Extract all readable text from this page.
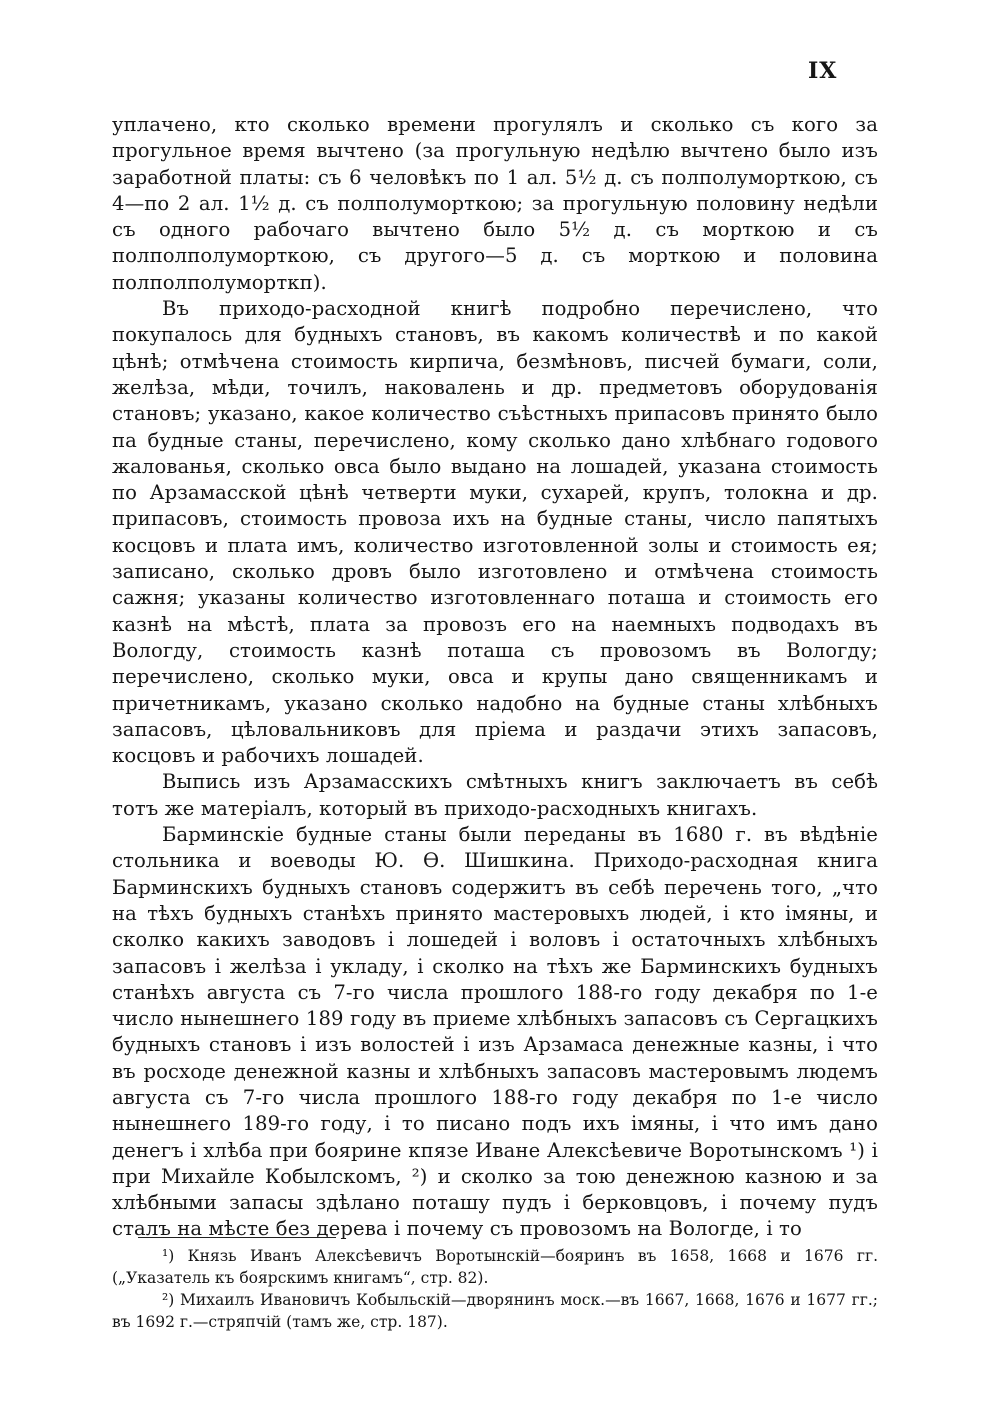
IX

уплачено, кто сколько времени прогулялъ и сколько съ кого за прогульное время вычтено (за прогульную недѣлю вычтено было изъ заработной платы: съ 6 человѣкъ по 1 ал. 5½ д. съ полполуморткою, съ 4—по 2 ал. 1½ д. съ полполуморткою; за прогульную половину недѣли съ одного рабочаго вычтено было 5½ д. съ морткою и съ полполполуморткою, съ другого—5 д. съ морткою и половина полполполуморткп).

Въ приходо-расходной книгѣ подробно перечислено, что покупалось для будныхъ становъ, въ какомъ количествѣ и по какой цѣнѣ; отмѣчена стоимость кирпича, безмѣновъ, писчей бумаги, соли, желѣза, мѣди, точилъ, наковалень и др. предметовъ оборудованія становъ; указано, какое количество съѣстныхъ припасовъ принято было па будные станы, перечислено, кому сколько дано хлѣбнаго годового жалованья, сколько овса было выдано на лошадей, указана стоимость по Арзамасской цѣнѣ четверти муки, сухарей, крупъ, толокна и др. припасовъ, стоимость провоза ихъ на будные станы, число папятыхъ косцовъ и плата имъ, количество изготовленной золы и стоимость ея; записано, сколько дровъ было изготовлено и отмѣчена стоимость сажня; указаны количество изготовленнаго поташа и стоимость его казнѣ на мѣстѣ, плата за провозъ его на наемныхъ подводахъ въ Вологду, стоимость казнѣ поташа съ провозомъ въ Вологду; перечислено, сколько муки, овса и крупы дано священникамъ и причетникамъ, указано сколько надобно на будные станы хлѣбныхъ запасовъ, цѣловальниковъ для пріема и раздачи этихъ запасовъ, косцовъ и рабочихъ лошадей.

Выпись изъ Арзамасскихъ смѣтныхъ книгъ заключаетъ въ себѣ тотъ же матеріалъ, который въ приходо-расходныхъ книгахъ.

Барминскіе будные станы были переданы въ 1680 г. въ вѣдѣніе стольника и воеводы Ю. Ѳ. Шишкина. Приходо-расходная книга Барминскихъ будныхъ становъ содержитъ въ себѣ перечень того, „что на тѣхъ будныхъ станѣхъ принято мастеровыхъ людей, і кто імяны, и сколко какихъ заводовъ і лошедей і воловъ і остаточныхъ хлѣбныхъ запасовъ і желѣза і укладу, і сколко на тѣхъ же Барминскихъ будныхъ станѣхъ августа съ 7-го числа прошлого 188-го году декабря по 1-е число нынешнего 189 году въ приеме хлѣбныхъ запасовъ съ Сергацкихъ будныхъ становъ і изъ волостей і изъ Арзамаса денежные казны, і что въ росходе денежной казны и хлѣбныхъ запасовъ мастеровымъ людемъ августа съ 7-го числа прошлого 188-го году декабря по 1-е число нынешнего 189-го году, і то писано подъ ихъ імяны, і что имъ дано денегъ і хлѣба при боярине кпязе Иване Алексѣевиче Воротынскомъ ¹) і при Михайле Кобылскомъ, ²) и сколко за тою денежною казною и за хлѣбными запасы здѣлано поташу пудъ і берковцовъ, і почему пудъ сталъ на мѣсте без дерева і почему съ провозомъ на Вологде, і то

¹) Князь Иванъ Алексѣевичъ Воротынскій—бояринъ въ 1658, 1668 и 1676 гг. („Указатель къ боярскимъ книгамъ“, стр. 82).

²) Михаилъ Ивановичъ Кобыльскій—дворянинъ моск.—въ 1667, 1668, 1676 и 1677 гг.; въ 1692 г.—стряпчій (тамъ же, стр. 187).
